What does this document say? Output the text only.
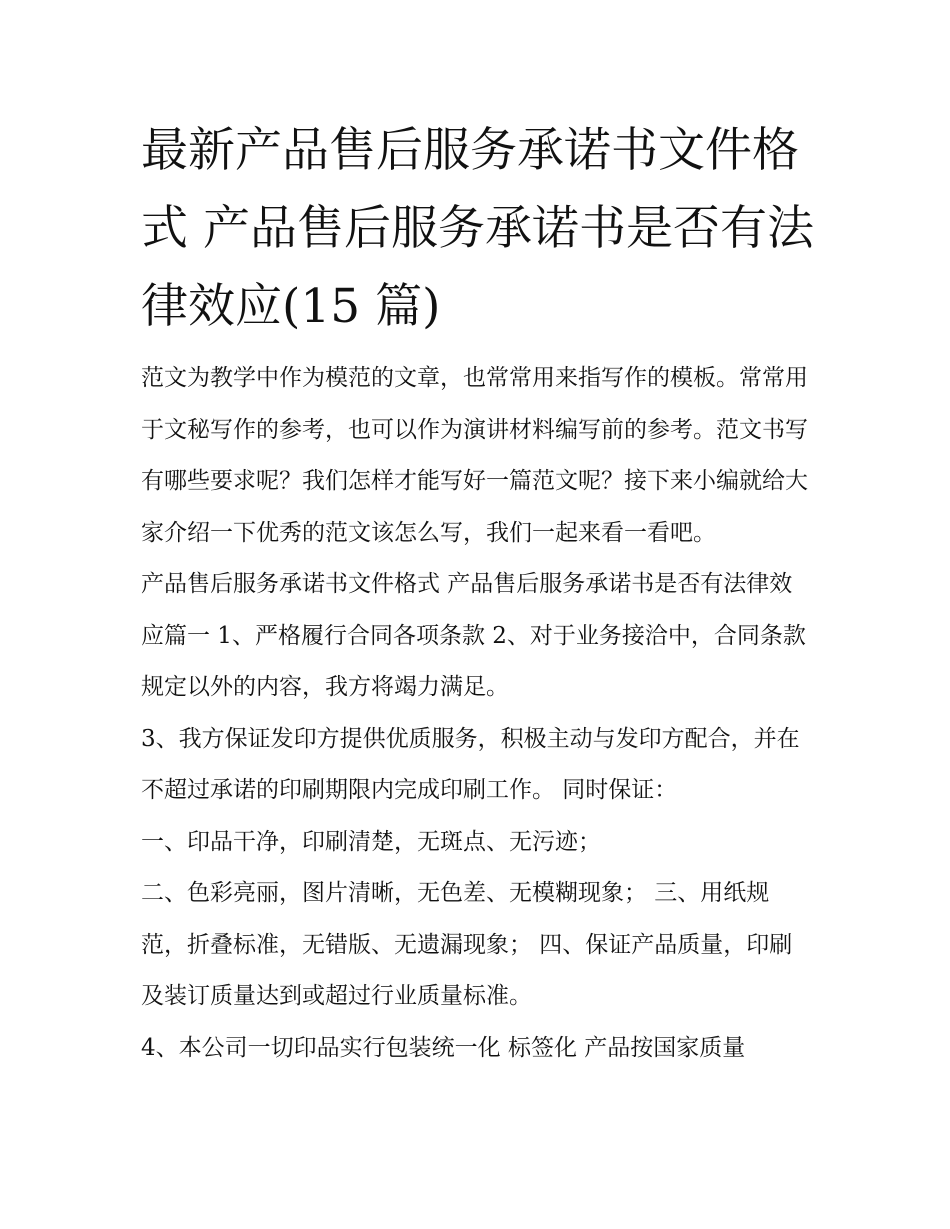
最新产品售后服务承诺书文件格式 产品售后服务承诺书是否有法律效应(15 篇)

范文为教学中作为模范的文章，也常常用来指写作的模板。常常用于文秘写作的参考，也可以作为演讲材料编写前的参考。范文书写有哪些要求呢？我们怎样才能写好一篇范文呢？接下来小编就给大家介绍一下优秀的范文该怎么写，我们一起来看一看吧。

产品售后服务承诺书文件格式 产品售后服务承诺书是否有法律效应篇一 1、严格履行合同各项条款 2、对于业务接洽中，合同条款规定以外的内容，我方将竭力满足。

3、我方保证发印方提供优质服务，积极主动与发印方配合，并在不超过承诺的印刷期限内完成印刷工作。 同时保证：

一、印品干净，印刷清楚，无斑点、无污迹；

二、色彩亮丽，图片清晰，无色差、无模糊现象； 三、用纸规范，折叠标准，无错版、无遗漏现象； 四、保证产品质量，印刷及装订质量达到或超过行业质量标准。

4、本公司一切印品实行包装统一化 标签化 产品按国家质量
